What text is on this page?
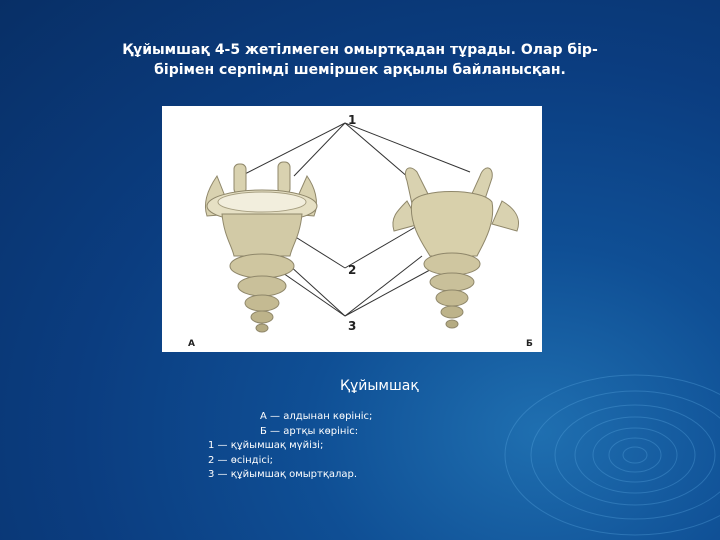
Құйымшақ 4-5 жетілмеген омыртқадан тұрады. Олар бір-
бірімен серпімді шеміршек арқылы байланысқан.
1
2
3
А	Б
Құйымшақ
А — алдынан көрініс;
Б — артқы көрініс:
1 — құйымшақ мүйізі;
2 — өсіндісі;
3 — құйымшақ омыртқалар.
